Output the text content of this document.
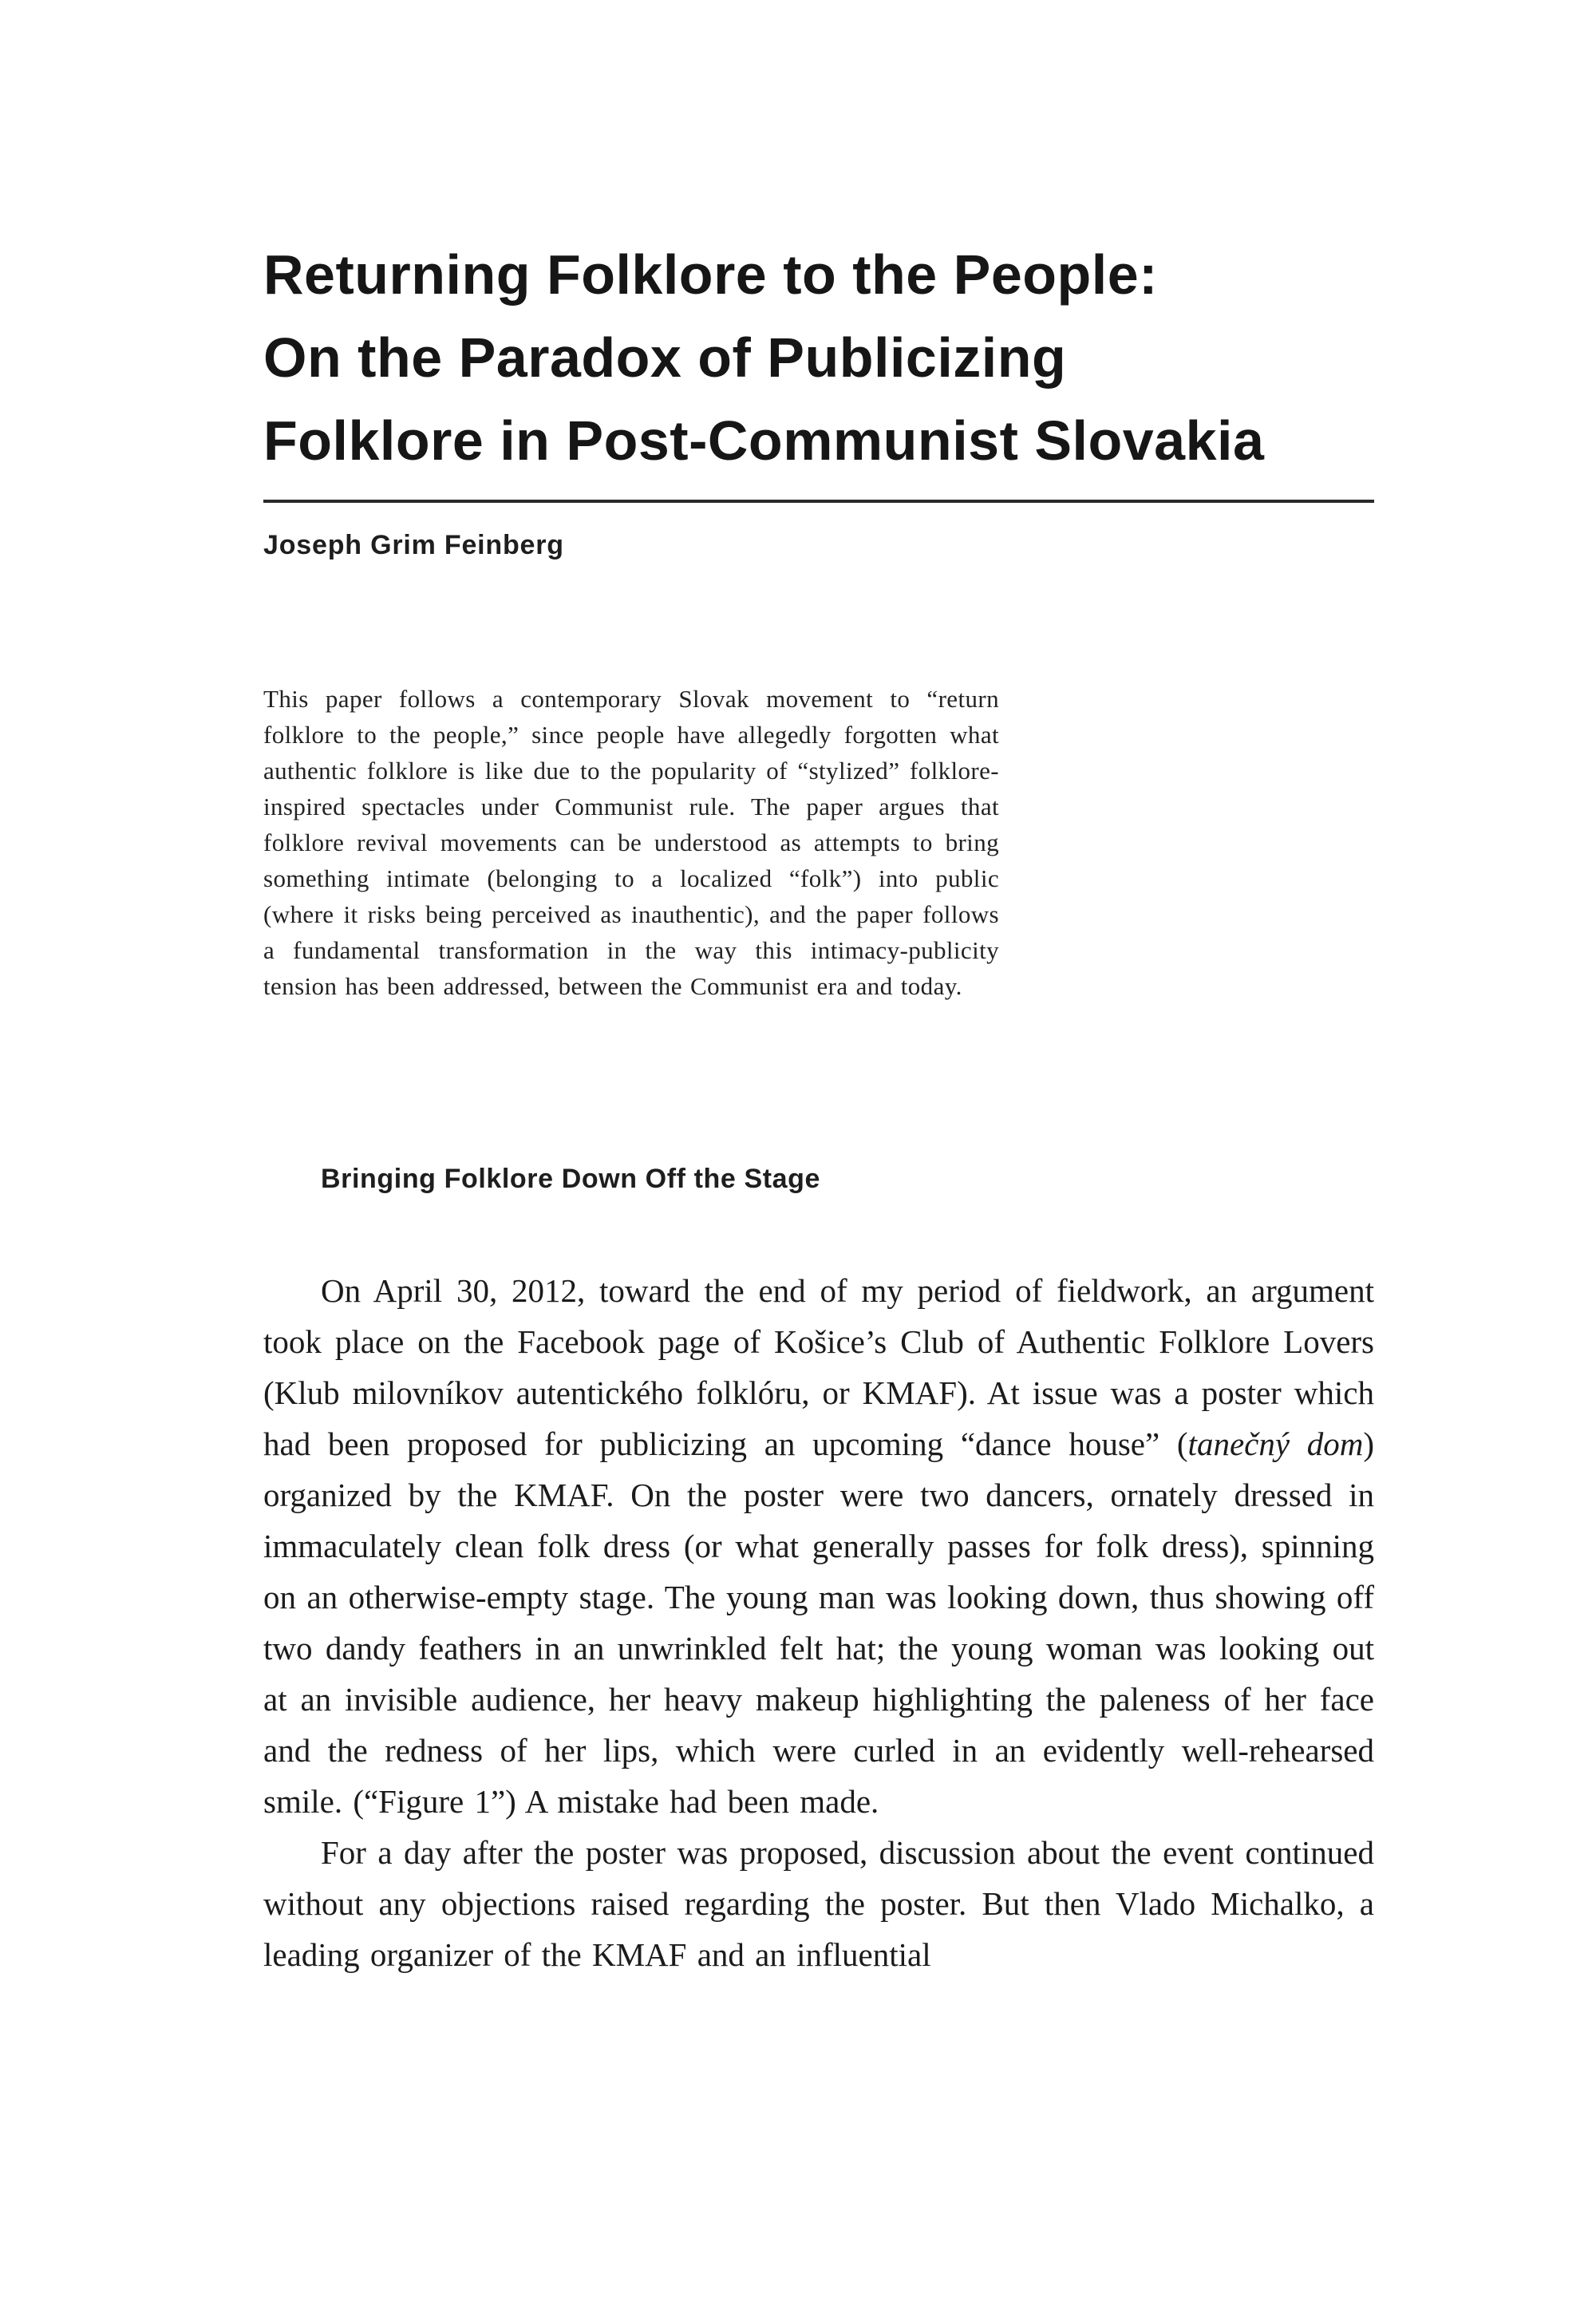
Returning Folklore to the People:
On the Paradox of Publicizing
Folklore in Post-Communist Slovakia
Joseph Grim Feinberg
This paper follows a contemporary Slovak movement to “return folklore to the people,” since people have allegedly forgotten what authentic folklore is like due to the popularity of “stylized” folklore-inspired spectacles under Communist rule. The paper argues that folklore revival movements can be understood as attempts to bring something intimate (belonging to a localized “folk”) into public (where it risks being perceived as inauthentic), and the paper follows a fundamental transformation in the way this intimacy-publicity tension has been addressed, between the Communist era and today.
Bringing Folklore Down Off the Stage

On April 30, 2012, toward the end of my period of fieldwork, an argument took place on the Facebook page of Košice’s Club of Authentic Folklore Lovers (Klub milovníkov autentického folklóru, or KMAF). At issue was a poster which had been proposed for publicizing an upcoming “dance house” (tanečný dom) organized by the KMAF. On the poster were two dancers, ornately dressed in immaculately clean folk dress (or what generally passes for folk dress), spinning on an otherwise-empty stage. The young man was looking down, thus showing off two dandy feathers in an unwrinkled felt hat; the young woman was looking out at an invisible audience, her heavy makeup highlighting the paleness of her face and the redness of her lips, which were curled in an evidently well-rehearsed smile. (“Figure 1”) A mistake had been made.

For a day after the poster was proposed, discussion about the event continued without any objections raised regarding the poster. But then Vlado Michalko, a leading organizer of the KMAF and an influential
